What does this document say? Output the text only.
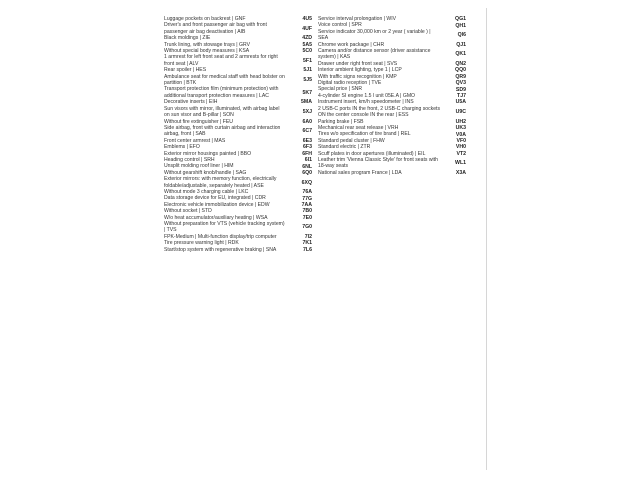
Luggage pockets on backrest | GNF	4U5
Driver's and front passenger air bag with front passenger air bag deactivation | AIB	4UF
Black moldings | ZIE	4ZD
Trunk lining, with stowage trays | GRV	5A5
Without special body measures | KSA	5C0
1 armrest for left front seat and 2 armrests for right front seat | ALV	5F1
Rear spoiler | HES	5J1
Ambulance seat for medical staff with head bolster on partition | BTK	5J5
Transport protection film (minimum protection) with additional transport protection measures | LAC	5K7
Decorative inserts | EIH	5MA
Sun visors with mirror, illuminated, with airbag label on sun visor and B-pillar | SON	5XJ
Without fire extinguisher | FEU	6A0
Side airbag, front with curtain airbag and interaction airbag, front | SAB	6C7
Front center armrest | MAS	6E3
Emblems | EFO	6F3
Exterior mirror housings painted | BBO	6FH
Heading control | SRH	6I1
Unsplit molding roof liner | HIM	6NL
Without gearshift knob/handle | SAG	6Q0
Exterior mirrors: with memory function, electrically foldable/adjustable, separately heated | ASE	6XQ
Without mode 3 charging cable | LKC	76A
Data storage device for EU, integrated | CDR	77G
Electronic vehicle immobilization device | EDW	7AA
Without socket | STD	7B0
W/o heat accumulator/auxiliary heating | WSA	7E0
Without preparation for VTS (vehicle tracking system) | TVS	7G0
FPK-Medium | Multi-function display/trip computer	7I2
Tire pressure warning light | RDK	7K1
Start/stop system with regenerative braking | SNA	7L6
Service interval prolongation | WIV	QG1
Voice control | SPR	QH1
Service indicator 30,000 km or 2 year ( variable ) | SEA	QI6
Chrome work package | CHR	QJ1
Camera and/or distance sensor (driver assistance system) | KAS	QK1
Drawer under right front seat | SVS	QN2
Interior ambient lighting, type 1 | LCP	QQ0
With traffic signs recognition | KMP	QR9
Digital radio reception | TVE	QV3
Special price | SNR	SD9
4-cylinder SI engine 1.5 l unit 05E.A | GMO	TJ7
Instrument insert, km/h speedometer | INS	U5A
2 USB-C ports IN the front, 2 USB-C charging sockets ON the center console IN the rear | ESS	U9C
Parking brake | FSB	UH2
Mechanical rear seat release | VRH	UK3
Tires w/o specification of tire brand | REL	V0A
Standard pedal cluster | FHW	VF0
Standard electric | ZTR	VH0
Scuff plates in door apertures (illuminated) | EIL	VT2
Leather trim 'Vienna Classic Style' for front seats with 18-way seats	WL1
National sales program France | LDA	X3A
